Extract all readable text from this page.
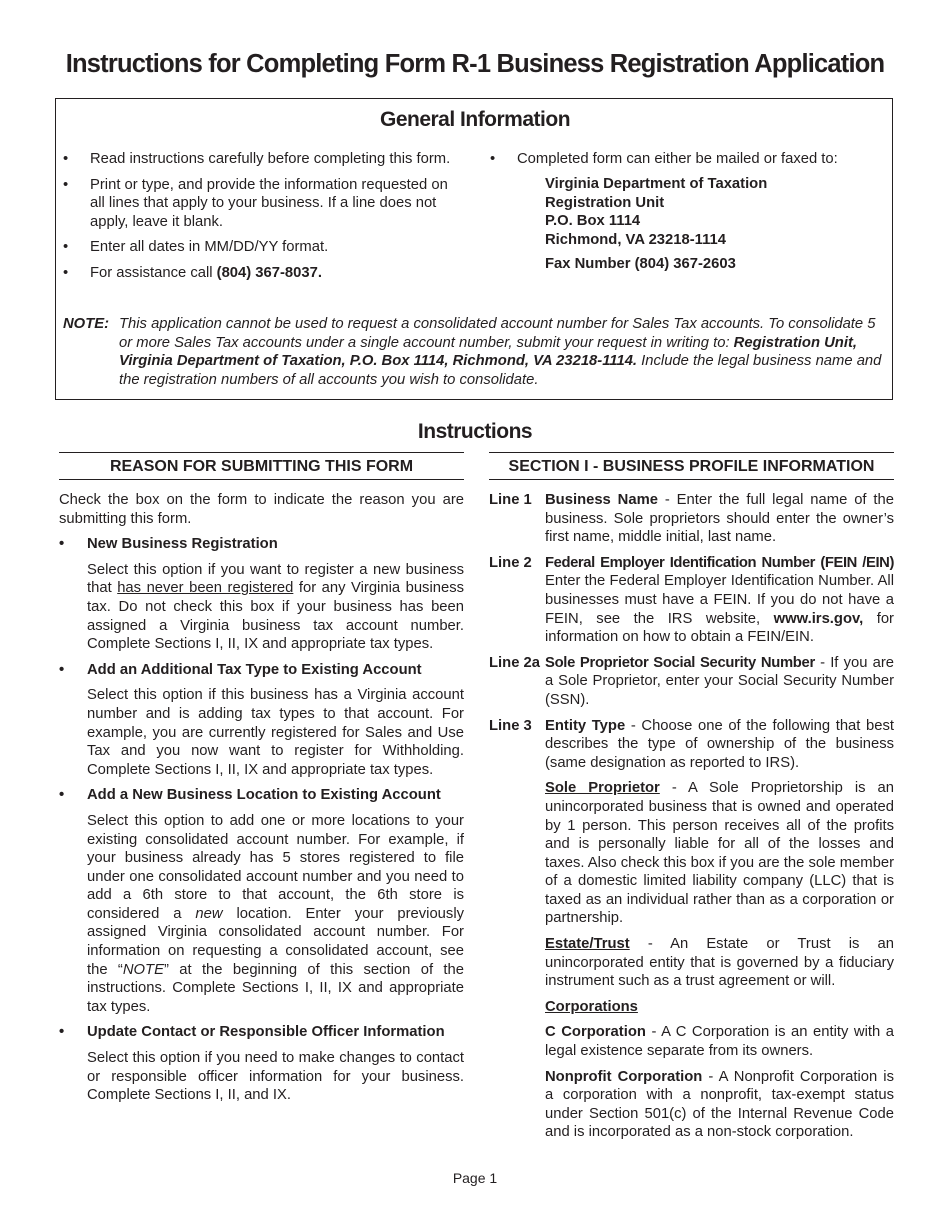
Instructions for Completing Form R-1 Business Registration Application
General Information
• Read instructions carefully before completing this form.
• Print or type, and provide the information requested on all lines that apply to your business. If a line does not apply, leave it blank.
• Enter all dates in MM/DD/YY format.
• For assistance call (804) 367-8037.
• Completed form can either be mailed or faxed to:
Virginia Department of Taxation
Registration Unit
P.O. Box 1114
Richmond, VA 23218-1114
Fax Number (804) 367-2603
NOTE: This application cannot be used to request a consolidated account number for Sales Tax accounts. To consolidate 5 or more Sales Tax accounts under a single account number, submit your request in writing to: Registration Unit, Virginia Department of Taxation, P.O. Box 1114, Richmond, VA 23218-1114. Include the legal business name and the registration numbers of all accounts you wish to consolidate.
Instructions
REASON FOR SUBMITTING THIS FORM	SECTION I - BUSINESS PROFILE INFORMATION

Check the box on the form to indicate the reason you are submitting this form.

• New Business Registration
Select this option if you want to register a new business that has never been registered for any Virginia business tax. Do not check this box if your business has been assigned a Virginia business tax account number. Complete Sections I, II, IX and appropriate tax types.
• Add an Additional Tax Type to Existing Account
Select this option if this business has a Virginia account number and is adding tax types to that account. For example, you are currently registered for Sales and Use Tax and you now want to register for Withholding. Complete Sections I, II, IX and appropriate tax types.
• Add a New Business Location to Existing Account
Select this option to add one or more locations to your existing consolidated account number. For example, if your business already has 5 stores registered to file under one consolidated account number and you need to add a 6th store to that account, the 6th store is considered a new location. Enter your previously assigned Virginia consolidated account number. For information on requesting a consolidated account, see the “NOTE” at the beginning of this section of the instructions. Complete Sections I, II, IX and appropriate tax types.
• Update Contact or Responsible Officer Information
Select this option if you need to make changes to contact or responsible officer information for your business. Complete Sections I, II, and IX.
Line 1 Business Name - Enter the full legal name of the business. Sole proprietors should enter the owner’s first name, middle initial, last name.
Line 2 Federal Employer Identification Number (FEIN /EIN) Enter the Federal Employer Identification Number. All businesses must have a FEIN. If you do not have a FEIN, see the IRS website, www.irs.gov, for information on how to obtain a FEIN/EIN.
Line 2a Sole Proprietor Social Security Number - If you are a Sole Proprietor, enter your Social Security Number (SSN).
Line 3 Entity Type - Choose one of the following that best describes the type of ownership of the business (same designation as reported to IRS).
Sole Proprietor - A Sole Proprietorship is an unincorporated business that is owned and operated by 1 person. This person receives all of the profits and is personally liable for all of the losses and taxes. Also check this box if you are the sole member of a domestic limited liability company (LLC) that is taxed as an individual rather than as a corporation or partnership.
Estate/Trust - An Estate or Trust is an unincorporated entity that is governed by a fiduciary instrument such as a trust agreement or will.
Corporations
C Corporation - A C Corporation is an entity with a legal existence separate from its owners.
Nonprofit Corporation - A Nonprofit Corporation is a corporation with a nonprofit, tax-exempt status under Section 501(c) of the Internal Revenue Code and is incorporated as a non-stock corporation.
Page 1
